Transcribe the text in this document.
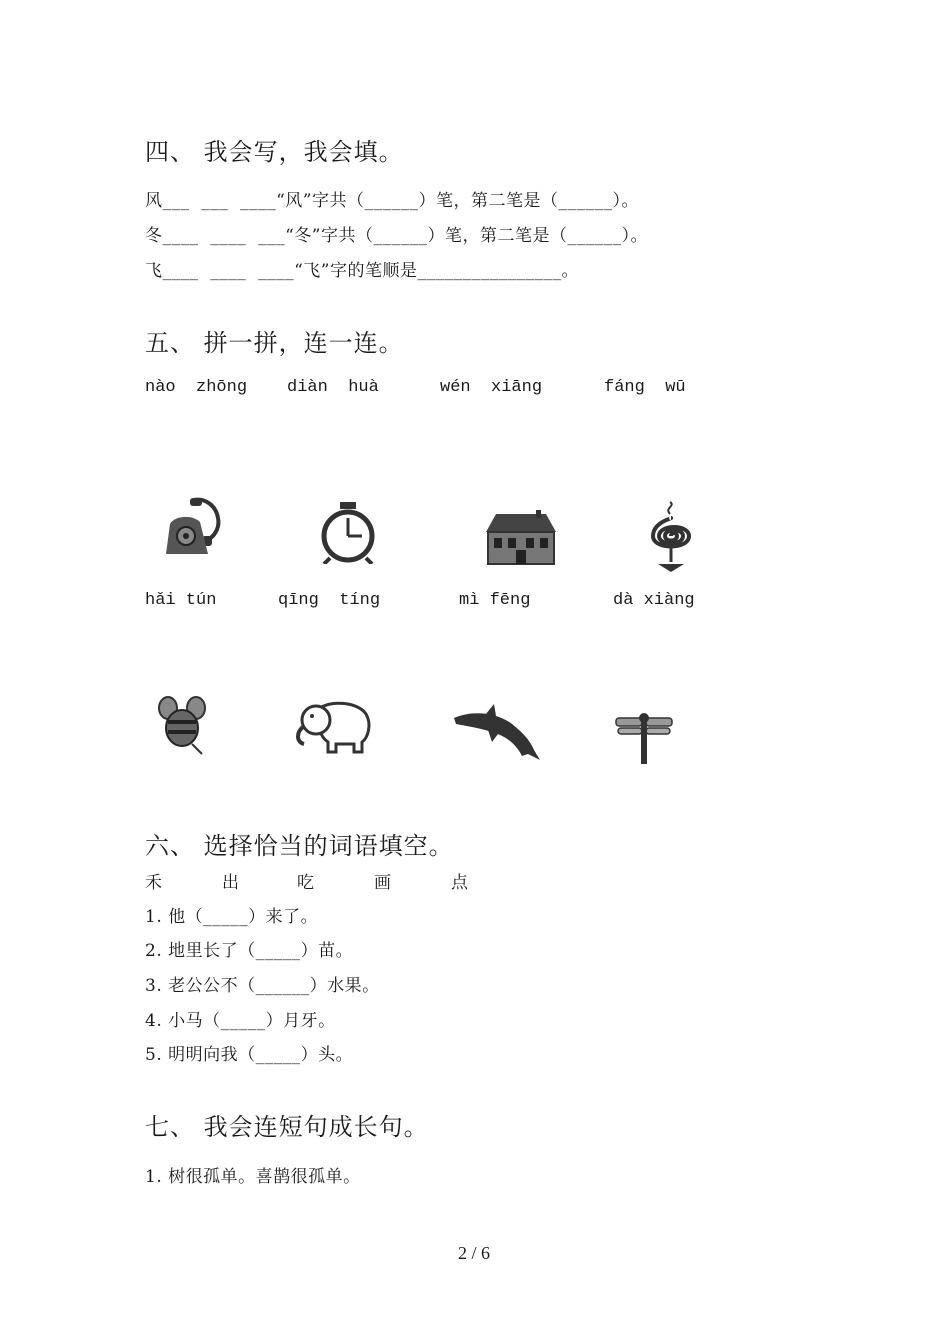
四、 我会写，我会填。
风___  ___  ____“风”字共（______）笔，第二笔是（______）。
冬____  ____  ___“冬”字共（______）笔，第二笔是（______）。
飞____  ____  ____“飞”字的笔顺是________________。
五、 拼一拼，连一连。
nào  zhōng diàn  huà	wén  xiāng	fáng  wū
hǎi tún	qīng  tíng	mì fēng	dà xiàng
六、 选择恰当的词语填空。
禾	出	吃	画	点
1. 他（_____）来了。
2. 地里长了（_____）苗。
3. 老公公不（______）水果。
4. 小马（_____）月牙。
5. 明明向我（_____）头。
七、 我会连短句成长句。
1. 树很孤单。喜鹊很孤单。
2 / 6
